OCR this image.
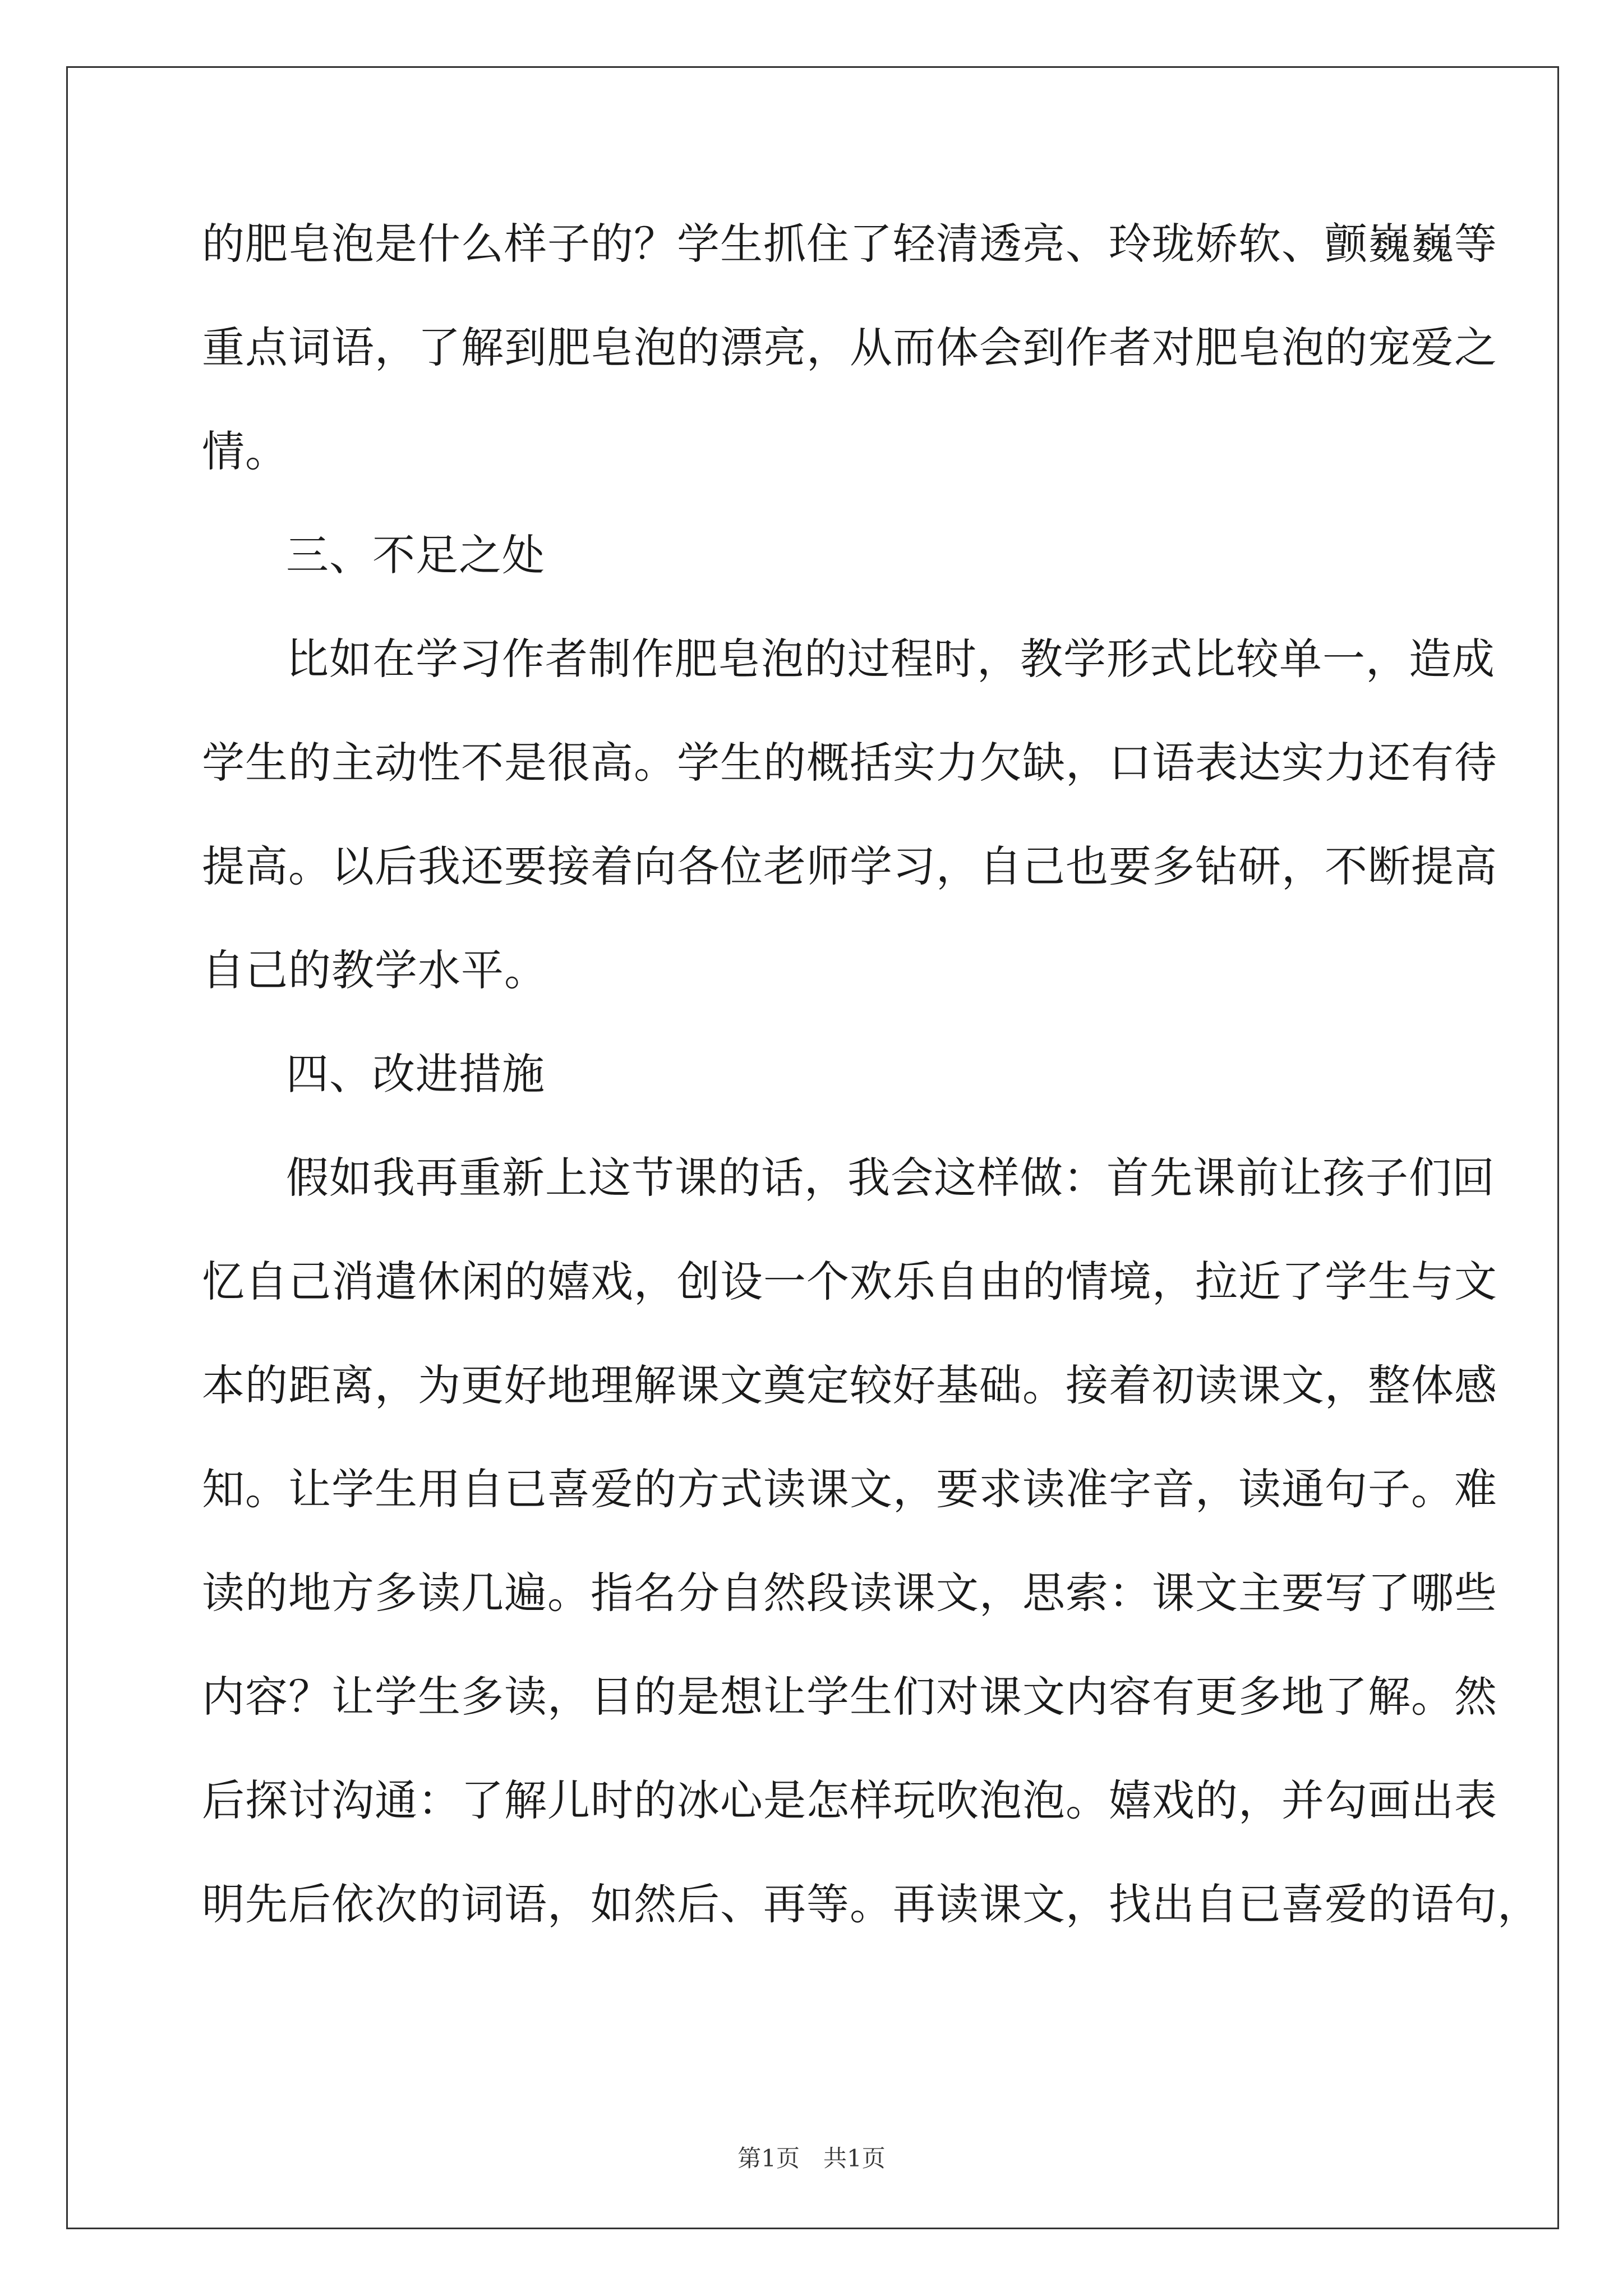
的肥皂泡是什么样子的？学生抓住了轻清透亮、玲珑娇软、颤巍巍等
重点词语，了解到肥皂泡的漂亮，从而体会到作者对肥皂泡的宠爱之
情。
三、不足之处
比如在学习作者制作肥皂泡的过程时，教学形式比较单一，造成
学生的主动性不是很高。学生的概括实力欠缺，口语表达实力还有待
提高。以后我还要接着向各位老师学习，自己也要多钻研，不断提高
自己的教学水平。
四、改进措施
假如我再重新上这节课的话，我会这样做：首先课前让孩子们回
忆自己消遣休闲的嬉戏，创设一个欢乐自由的情境，拉近了学生与文
本的距离，为更好地理解课文奠定较好基础。接着初读课文，整体感
知。让学生用自已喜爱的方式读课文，要求读准字音，读通句子。难
读的地方多读几遍。指名分自然段读课文，思索：课文主要写了哪些
内容？让学生多读，目的是想让学生们对课文内容有更多地了解。然
后探讨沟通：了解儿时的冰心是怎样玩吹泡泡。嬉戏的，并勾画出表
明先后依次的词语，如然后、再等。再读课文，找出自已喜爱的语句，
第1页　共1页
